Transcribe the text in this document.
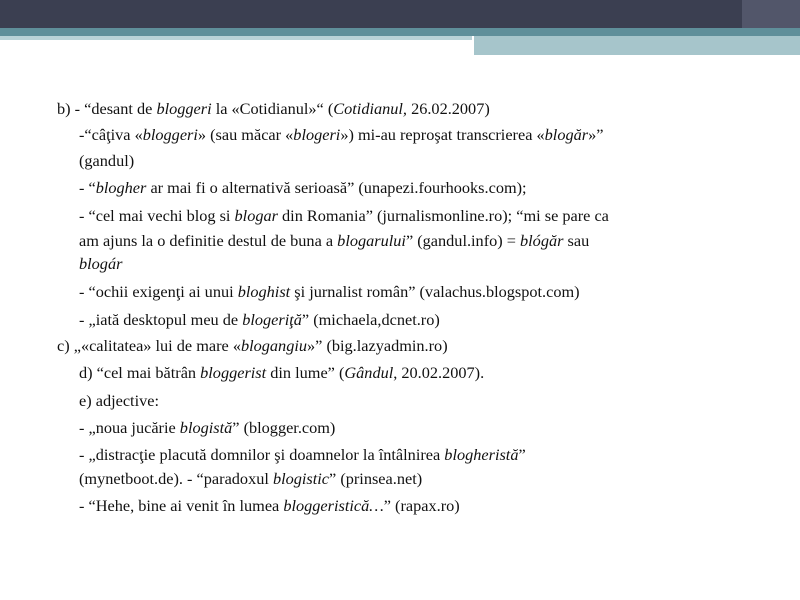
b) - “desant de bloggeri la «Cotidianul»“ (Cotidianul, 26.02.2007)
-“câţiva «bloggeri» (sau măcar «blogeri») mi-au reproşat transcrierea «blogăr»”
(gandul)
- “blogher ar mai fi o alternativă serioasă” (unapezi.fourhooks.com);
- “cel mai vechi blog si blogar din Romania” (jurnalismonline.ro); “mi se pare ca
am ajuns la o definitie destul de buna a blogarului” (gandul.info) = blógăr sau
blogár
- “ochii exigenţi ai unui bloghist şi jurnalist român” (valachus.blogspot.com)
- „iată desktopul meu de blogeriţă” (michaela,dcnet.ro)
c) „«calitatea» lui de mare «blogangiu»” (big.lazyadmin.ro)
d) “cel mai bătrân bloggerist din lume” (Gândul, 20.02.2007).
e) adjective:
- „noua jucărie blogistă” (blogger.com)
- „distracţie placută domnilor şi doamnelor la întâlnirea blogheristă”
(mynetboot.de). - “paradoxul blogistic” (prinsea.net)
- “Hehe, bine ai venit în lumea bloggeristică…” (rapax.ro)
